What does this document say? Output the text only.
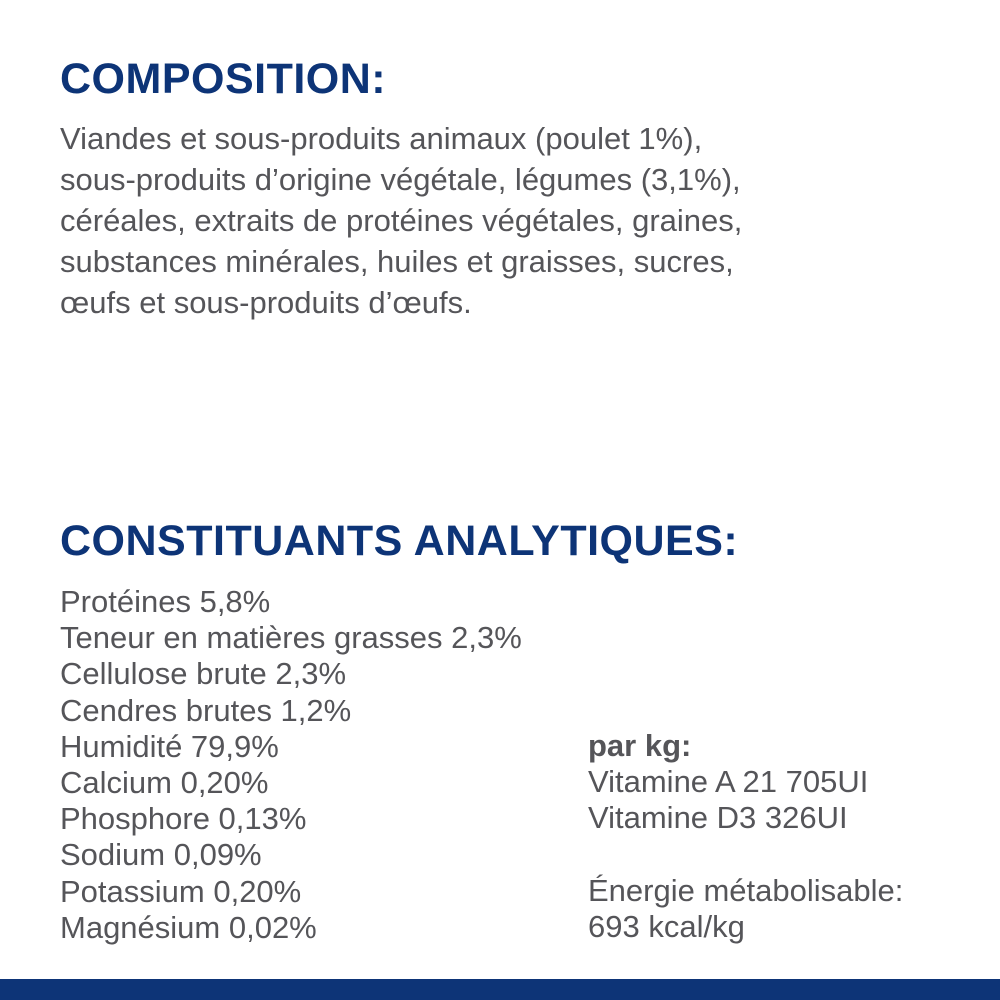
COMPOSITION:

Viandes et sous-produits animaux (poulet 1%),
sous-produits d’origine végétale, légumes (3,1%),
céréales, extraits de protéines végétales, graines,
substances minérales, huiles et graisses, sucres,
œufs et sous-produits d’œufs.

CONSTITUANTS ANALYTIQUES:
Protéines 5,8%
Teneur en matières grasses 2,3%
Cellulose brute 2,3%
Cendres brutes 1,2%
Humidité 79,9%
Calcium 0,20%
Phosphore 0,13%
Sodium 0,09%
Potassium 0,20%
Magnésium 0,02%
par kg:
Vitamine A 21 705UI
Vitamine D3 326UI
Énergie métabolisable:
693 kcal/kg
